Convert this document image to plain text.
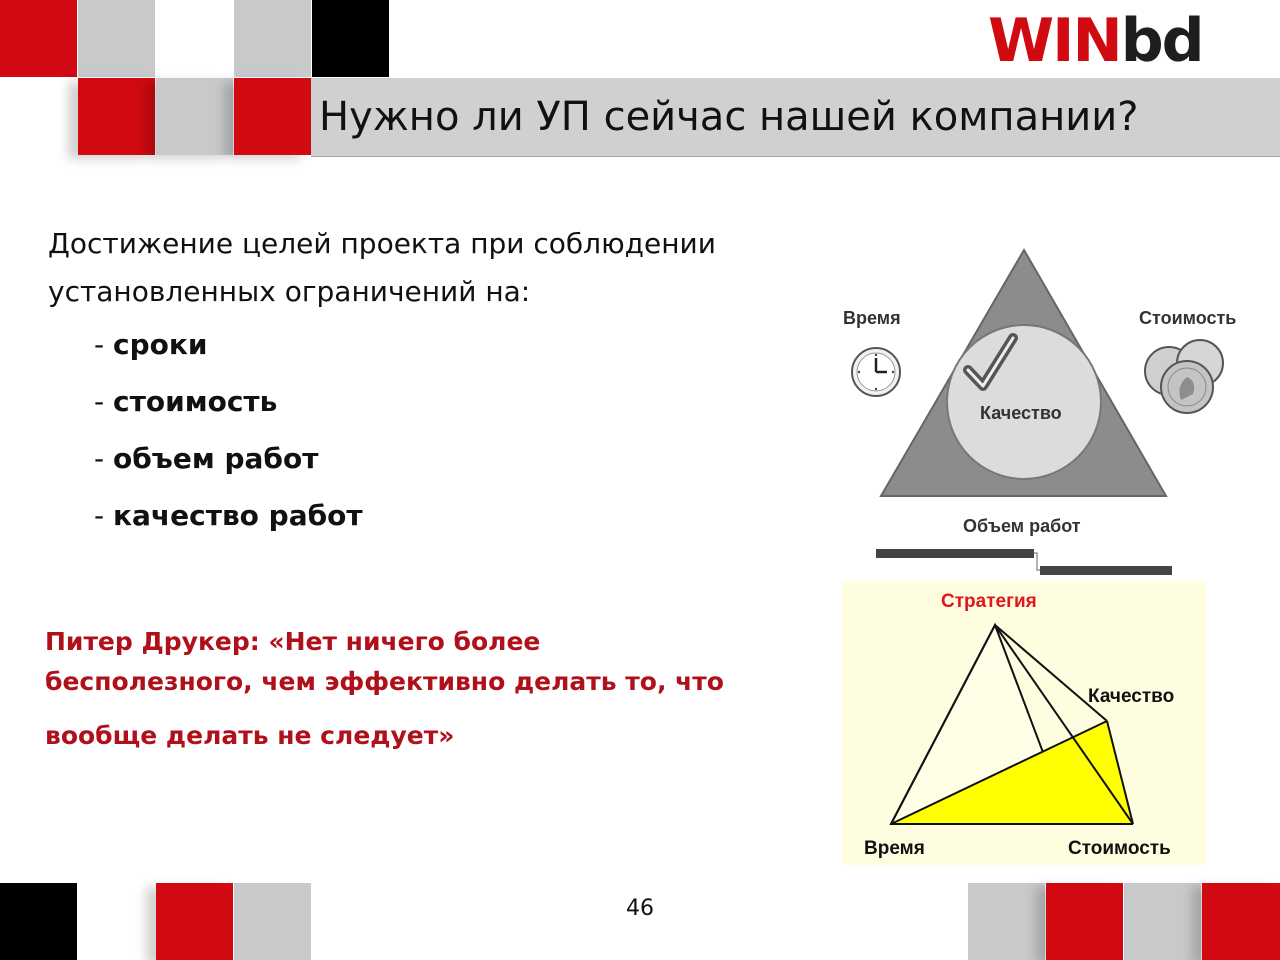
WINbd
Нужно ли УП сейчас нашей компании?
Достижение целей проекта при соблюдении
установленных ограничений на:
- сроки
- стоимость
- объем работ
- качество работ
Питер Друкер: «Нет ничего более
бесполезного, чем эффективно делать то, что
вообще делать не следует»
Время	Стоимость
Качество
Объем работ
Стратегия
Качество
Время	Стоимость
46
